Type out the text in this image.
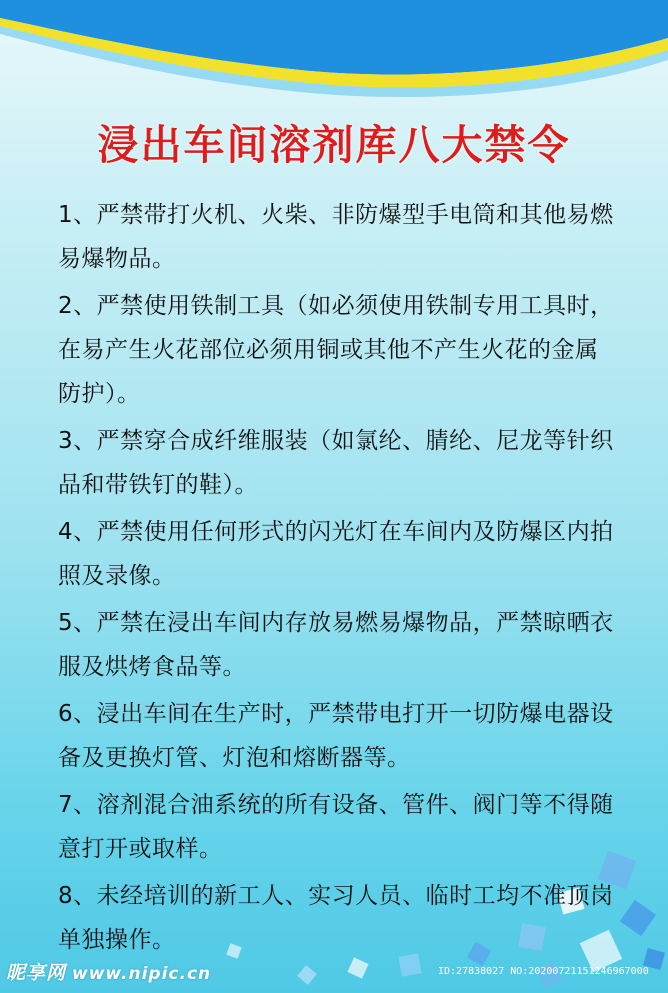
浸出车间溶剂库八大禁令
1、严禁带打火机、火柴、非防爆型手电筒和其他易燃易爆物品。
2、严禁使用铁制工具（如必须使用铁制专用工具时，在易产生火花部位必须用铜或其他不产生火花的金属防护）。
3、严禁穿合成纤维服装（如氯纶、腈纶、尼龙等针织品和带铁钉的鞋）。
4、严禁使用任何形式的闪光灯在车间内及防爆区内拍照及录像。
5、严禁在浸出车间内存放易燃易爆物品，严禁晾晒衣服及烘烤食品等。
6、浸出车间在生产时，严禁带电打开一切防爆电器设备及更换灯管、灯泡和熔断器等。
7、溶剂混合油系统的所有设备、管件、阀门等不得随意打开或取样。
8、未经培训的新工人、实习人员、临时工均不准顶岗单独操作。
昵享网 www.nipic.cn	ID:27838027 NO:20200721151246967000
